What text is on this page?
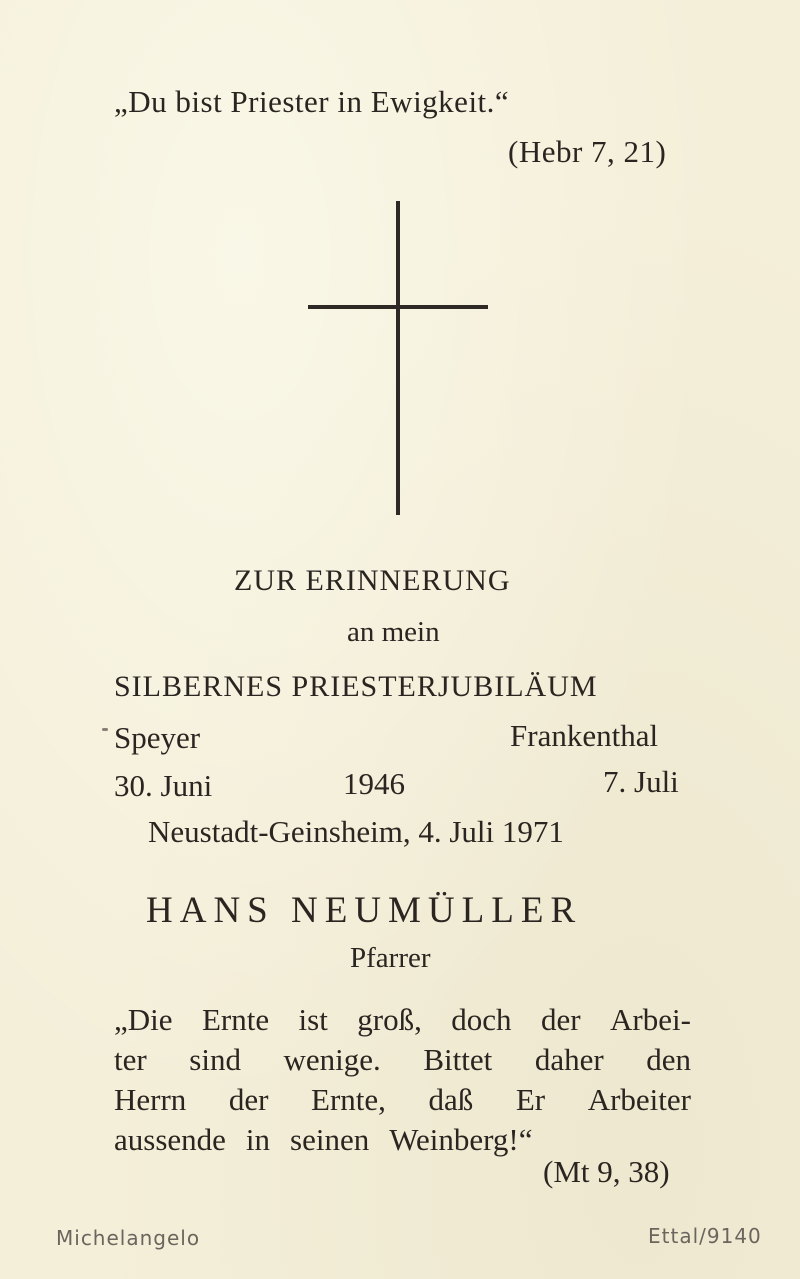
„Du bist Priester in Ewigkeit.“
(Hebr 7, 21)
ZUR ERINNERUNG
an mein
SILBERNES PRIESTERJUBILÄUM
Speyer	Frankenthal
30. Juni	1946	7. Juli
Neustadt-Geinsheim, 4. Juli 1971
HANS NEUMÜLLER
Pfarrer
„Die Ernte ist groß, doch der Arbei-
ter sind wenige. Bittet daher den
Herrn der Ernte, daß Er Arbeiter
aussende in seinen Weinberg!“
(Mt 9, 38)
Michelangelo	Ettal/9140
